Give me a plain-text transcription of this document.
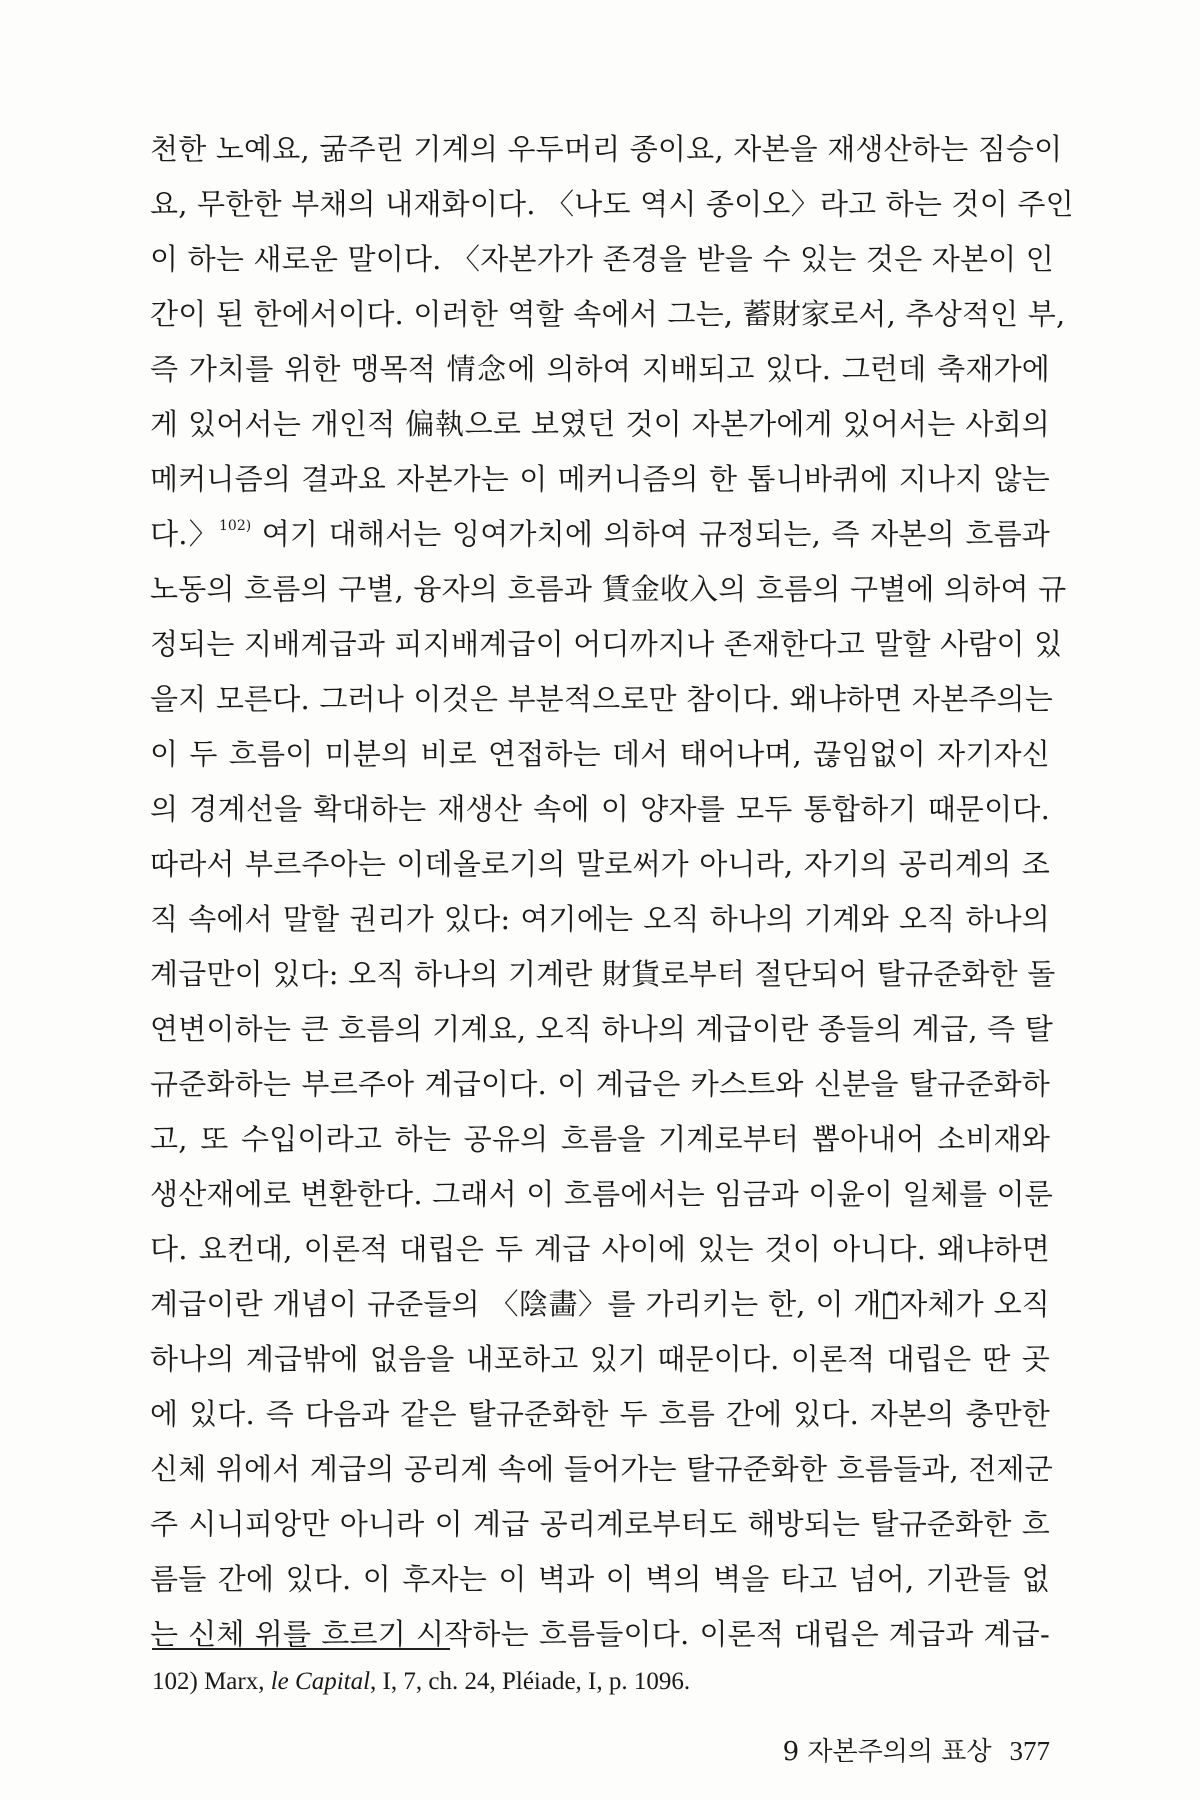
천한 노예요, 굶주린 기계의 우두머리 종이요, 자본을 재생산하는 짐승이
요, 무한한 부채의 내재화이다. 〈나도 역시 종이오〉라고 하는 것이 주인
이 하는 새로운 말이다. 〈자본가가 존경을 받을 수 있는 것은 자본이 인
간이 된 한에서이다. 이러한 역할 속에서 그는, 蓄財家로서, 추상적인 부,
즉 가치를 위한 맹목적 情念에 의하여 지배되고 있다. 그런데 축재가에
게 있어서는 개인적 偏執으로 보였던 것이 자본가에게 있어서는 사회의
메커니즘의 결과요 자본가는 이 메커니즘의 한 톱니바퀴에 지나지 않는
다.〉$^{102)}$ 여기 대해서는 잉여가치에 의하여 규정되는, 즉 자본의 흐름과
노동의 흐름의 구별, 융자의 흐름과 賃金收入의 흐름의 구별에 의하여 규
정되는 지배계급과 피지배계급이 어디까지나 존재한다고 말할 사람이 있
을지 모른다. 그러나 이것은 부분적으로만 참이다. 왜냐하면 자본주의는
이 두 흐름이 미분의 비로 연접하는 데서 태어나며, 끊임없이 자기자신
의 경계선을 확대하는 재생산 속에 이 양자를 모두 통합하기 때문이다.
따라서 부르주아는 이데올로기의 말로써가 아니라, 자기의 공리계의 조
직 속에서 말할 권리가 있다: 여기에는 오직 하나의 기계와 오직 하나의
계급만이 있다: 오직 하나의 기계란 財貨로부터 절단되어 탈규준화한 돌
연변이하는 큰 흐름의 기계요, 오직 하나의 계급이란 종들의 계급, 즉 탈
규준화하는 부르주아 계급이다. 이 계급은 카스트와 신분을 탈규준화하
고, 또 수입이라고 하는 공유의 흐름을 기계로부터 뽑아내어 소비재와
생산재에로 변환한다. 그래서 이 흐름에서는 임금과 이윤이 일체를 이룬
다. 요컨대, 이론적 대립은 두 계급 사이에 있는 것이 아니다. 왜냐하면
계급이란 개념이 규준들의 〈陰畵〉를 가리키는 한, 이 개념̃자체가 오직
하나의 계급밖에 없음을 내포하고 있기 때문이다. 이론적 대립은 딴 곳
에 있다. 즉 다음과 같은 탈규준화한 두 흐름 간에 있다. 자본의 충만한
신체 위에서 계급의 공리계 속에 들어가는 탈규준화한 흐름들과, 전제군
주 시니피앙만 아니라 이 계급 공리계로부터도 해방되는 탈규준화한 흐
름들 간에 있다. 이 후자는 이 벽과 이 벽의 벽을 타고 넘어, 기관들 없
는 신체 위를 흐르기 시작하는 흐름들이다. 이론적 대립은 계급과 계급-
102) Marx, le Capital, I, 7, ch. 24, Pléiade, I, p. 1096.
9 자본주의의 표상 377
